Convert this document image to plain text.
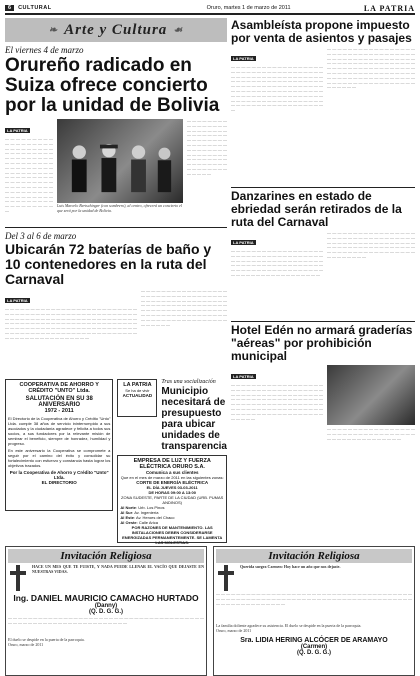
6	CULTURAL	Oruro, martes 1 de marzo de 2011	LA PATRIA
❧ Arte y Cultura ☙
El viernes 4 de marzo
Orureño radicado en Suiza ofrece concierto por la unidad de Bolivia
LA PATRIA
— — — — — — — — — — — — — — — — — — — — — — — — — — — — — — — — — — — — — — — — — — — — — — — — — — — — — — — — — — — — — — — — — — — — — — — — — — — — — — — — — — — — — — — — — — — — — — — — — — — — — — — — — — — — — — — — — — — — — — — — — — — — — — — — — — — — — — — —
Luis Marcelo Bertschinger (con sombrero), al centro, ofrecerá un concierto el que será por la unidad de Bolivia.
— — — — — — — — — — — — — — — — — — — — — — — — — — — — — — — — — — — — — — — — — — — — — — — — — — — — — — — — — — — — — — — — — — — — — — — — — — — — — — — — — — — — — — — — — — — — —
Del 3 al 6 de marzo
Ubicarán 72 baterías de baño y 10 contenedores en la ruta del Carnaval
LA PATRIA
— — — — — — — — — — — — — — — — — — — — — — — — — — — — — — — — — — — — — — — — — — — — — — — — — — — — — — — — — — — — — — — — — — — — — — — — — — — — — — — — — — — — — — — — — — — — — — — — — — — — — — — — — — — — — — — — — — — — — — — — — — — — — — — — — — — — — — — — — — — — — — — — — — — — — — — — — — — — — — — — — — — — — — — — — — — — —
— — — — — — — — — — — — — — — — — — — — — — — — — — — — — — — — — — — — — — — — — — — — — — — — — — — — — — — — — — — — — — — — — — — — — — — — — — — — — — — — — — — — — — — — — — — — — — — — — — — — — — — — — — — — — — — — — — — — — — — — — — — — —
COOPERATIVA DE AHORRO Y CRÉDITO "UNTO" Ltda.
SALUTACIÓN EN SU 38 ANIVERSARIO
1972 - 2011
El Directorio de la Cooperativa de Ahorro y Crédito "Unto" Ltda. cumple 38 años de servicio ininterrumpido a sus asociados y la ciudadanía agradece y felicita a todos sus socios, a sus fundadores por la relevante misión de sembrar el beneficio, siempre de honradez, humildad y progreso.
En este aniversario la Cooperativa se compromete a seguir por el camino del éxito y consolidar su fortalecimiento con esfuerzo y constancia hasta lograr los objetivos trazados.
Por la Cooperativa de Ahorro y Crédito "Unto" Ltda.
EL DIRECTORIO
LA PATRIA
Se ha de vivir
ACTUALIDAD
Tras una socialización
Municipio necesitará de presupuesto para ubicar unidades de transparencia
EMPRESA DE LUZ Y FUERZA ELÉCTRICA ORURO S.A.
Comunica a sus clientes
Que en el mes de marzo de 2011 en las siguientes zonas:
CORTE DE ENERGÍA ELÉCTRICA
EL DÍA JUEVES 03-03-2011
DE HORAS 09:00 A 13:00
ZONA SUDESTE, PARTE DE LA CIUDAD (URB. PUMAS ANDINOS)
Al Norte: Urb. Los Pinos
Al Sur: Av. Ingeniería
Al Este: Av. Heroes del Chaco
Al Oeste: Calle Arica
POR RAZONES DE MANTENIMIENTO. LAS INSTALACIONES DEBEN CONSIDERARSE ENERGIZADAS PERMANENTEMENTE. SE LAMENTA LAS MOLESTIAS.
Asambleísta propone impuesto por venta de asientos y pasajes
LA PATRIA
— — — — — — — — — — — — — — — — — — — — — — — — — — — — — — — — — — — — — — — — — — — — — — — — — — — — — — — — — — — — — — — — — — — — — — — — — — — — — — — — — — — — — — — — — — — — — — — — — — — — — — — — — — — — — — — — — — — — — — — — — — — — — — — — — — — — — — — — — — — — — — — — — — — — — — — — — — — — — — — — — — —
— — — — — — — — — — — — — — — — — — — — — — — — — — — — — — — — — — — — — — — — — — — — — — — — — — — — — — — — — — — — — — — — — — — — — — — — — — — — — — — — — — — — — — — — — — — — — — — — — — — — — — — — — — — — — — — — — — — — — — — — — — — — — — — — — — — — — — — — — — — — — —
Danzarines en estado de ebriedad serán retirados de la ruta del Carnaval
LA PATRIA
— — — — — — — — — — — — — — — — — — — — — — — — — — — — — — — — — — — — — — — — — — — — — — — — — — — — — — — — — — — — — — — — — — — — — — — — — — — — — — — — — — — — — — — — — — — — — — — — — — — — — — — — — — — —
— — — — — — — — — — — — — — — — — — — — — — — — — — — — — — — — — — — — — — — — — — — — — — — — — — — — — — — — — — — — — — — — — — — — — — — — — — — — — — — — — — — — — — — — — — — — —
Hotel Edén no armará graderías "aéreas" por prohibición municipal
LA PATRIA
— — — — — — — — — — — — — — — — — — — — — — — — — — — — — — — — — — — — — — — — — — — — — — — — — — — — — — — — — — — — — — — — — — — — — — — — — — — — — — — — — — — — — — — — — — — — — — — — — — — — — — — — — — — — — — — — — — — — — — — — — — — — — — — — — — —
— — — — — — — — — — — — — — — — — — — — — — — — — — — — — — — — — — — — — — — — — — — — — — — — —
Invitación Religiosa
HACE UN MES QUE TE FUISTE, Y NADA PUEDE LLENAR EL VACÍO QUE DEJASTE EN NUESTRAS VIDAS.
Ing. DANIEL MAURICIO CAMACHO HURTADO
(Danny)
(Q. D. G. G.)
— — — — — — — — — — — — — — — — — — — — — — — — — — — — — — — — — — — — — — — — — — — — — — — — — — — — — — — — — — — — — — —
El duelo se despide en la puerta de la parroquia.
Oruro, marzo de 2011
Invitación Religiosa
Querida suegra Carmen: Hoy hace un año que nos dejaste.
— — — — — — — — — — — — — — — — — — — — — — — — — — — — — — — — — — — — — — — — — — — — — — — — — — — — — — — — — — — — — — — — — — — — — — — — — — — — — — — — — — — — — — — — — — — —
La familia doliente agradece su asistencia. El duelo se despide en la puerta de la parroquia.
Oruro, marzo de 2011
Sra. LIDIA HERING ALCÓCER DE ARAMAYO
(Carmen)
(Q. D. G. G.)
